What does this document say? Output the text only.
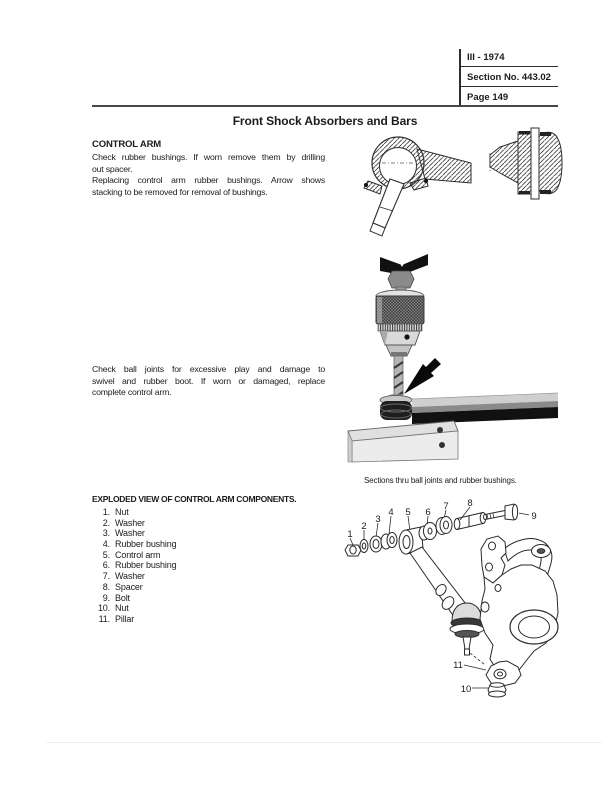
III - 1974
Section No. 443.02
Page 149
Front Shock Absorbers and Bars
CONTROL ARM
Check rubber bushings. If worn remove them by drilling
out spacer.
Replacing control arm rubber bushings. Arrow shows
stacking to be removed for removal of bushings.
Check ball joints for excessive play and damage to
swivel and rubber boot. If worn or damaged, replace
complete control arm.
Sections thru ball joints and rubber bushings.
EXPLODED VIEW OF CONTROL ARM COMPONENTS.
1. Nut
2. Washer
3. Washer
4. Rubber bushing
5. Control arm
6. Rubber bushing
7. Washer
8. Spacer
9. Bolt
10. Nut
11. Pillar
1
2
3
4 5 6
7 8
9
11
10
